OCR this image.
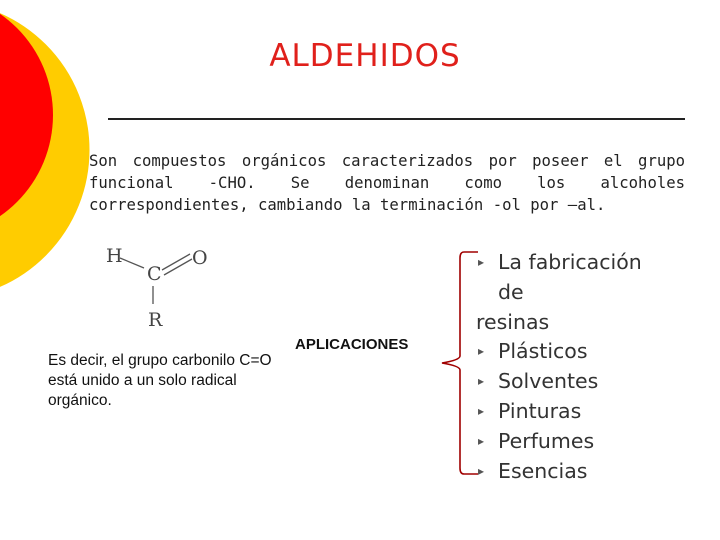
ALDEHIDOS
Son compuestos orgánicos caracterizados por poseer el grupo funcional -CHO. Se denominan como los alcoholes correspondientes, cambiando la terminación -ol por –al.
H	O
C
R
Es decir, el grupo carbonilo C=O está unido a un solo radical orgánico.
APLICACIONES
▸ La fabricación
de
resinas
▸ Plásticos
▸ Solventes
▸ Pinturas
▸ Perfumes
▸ Esencias
